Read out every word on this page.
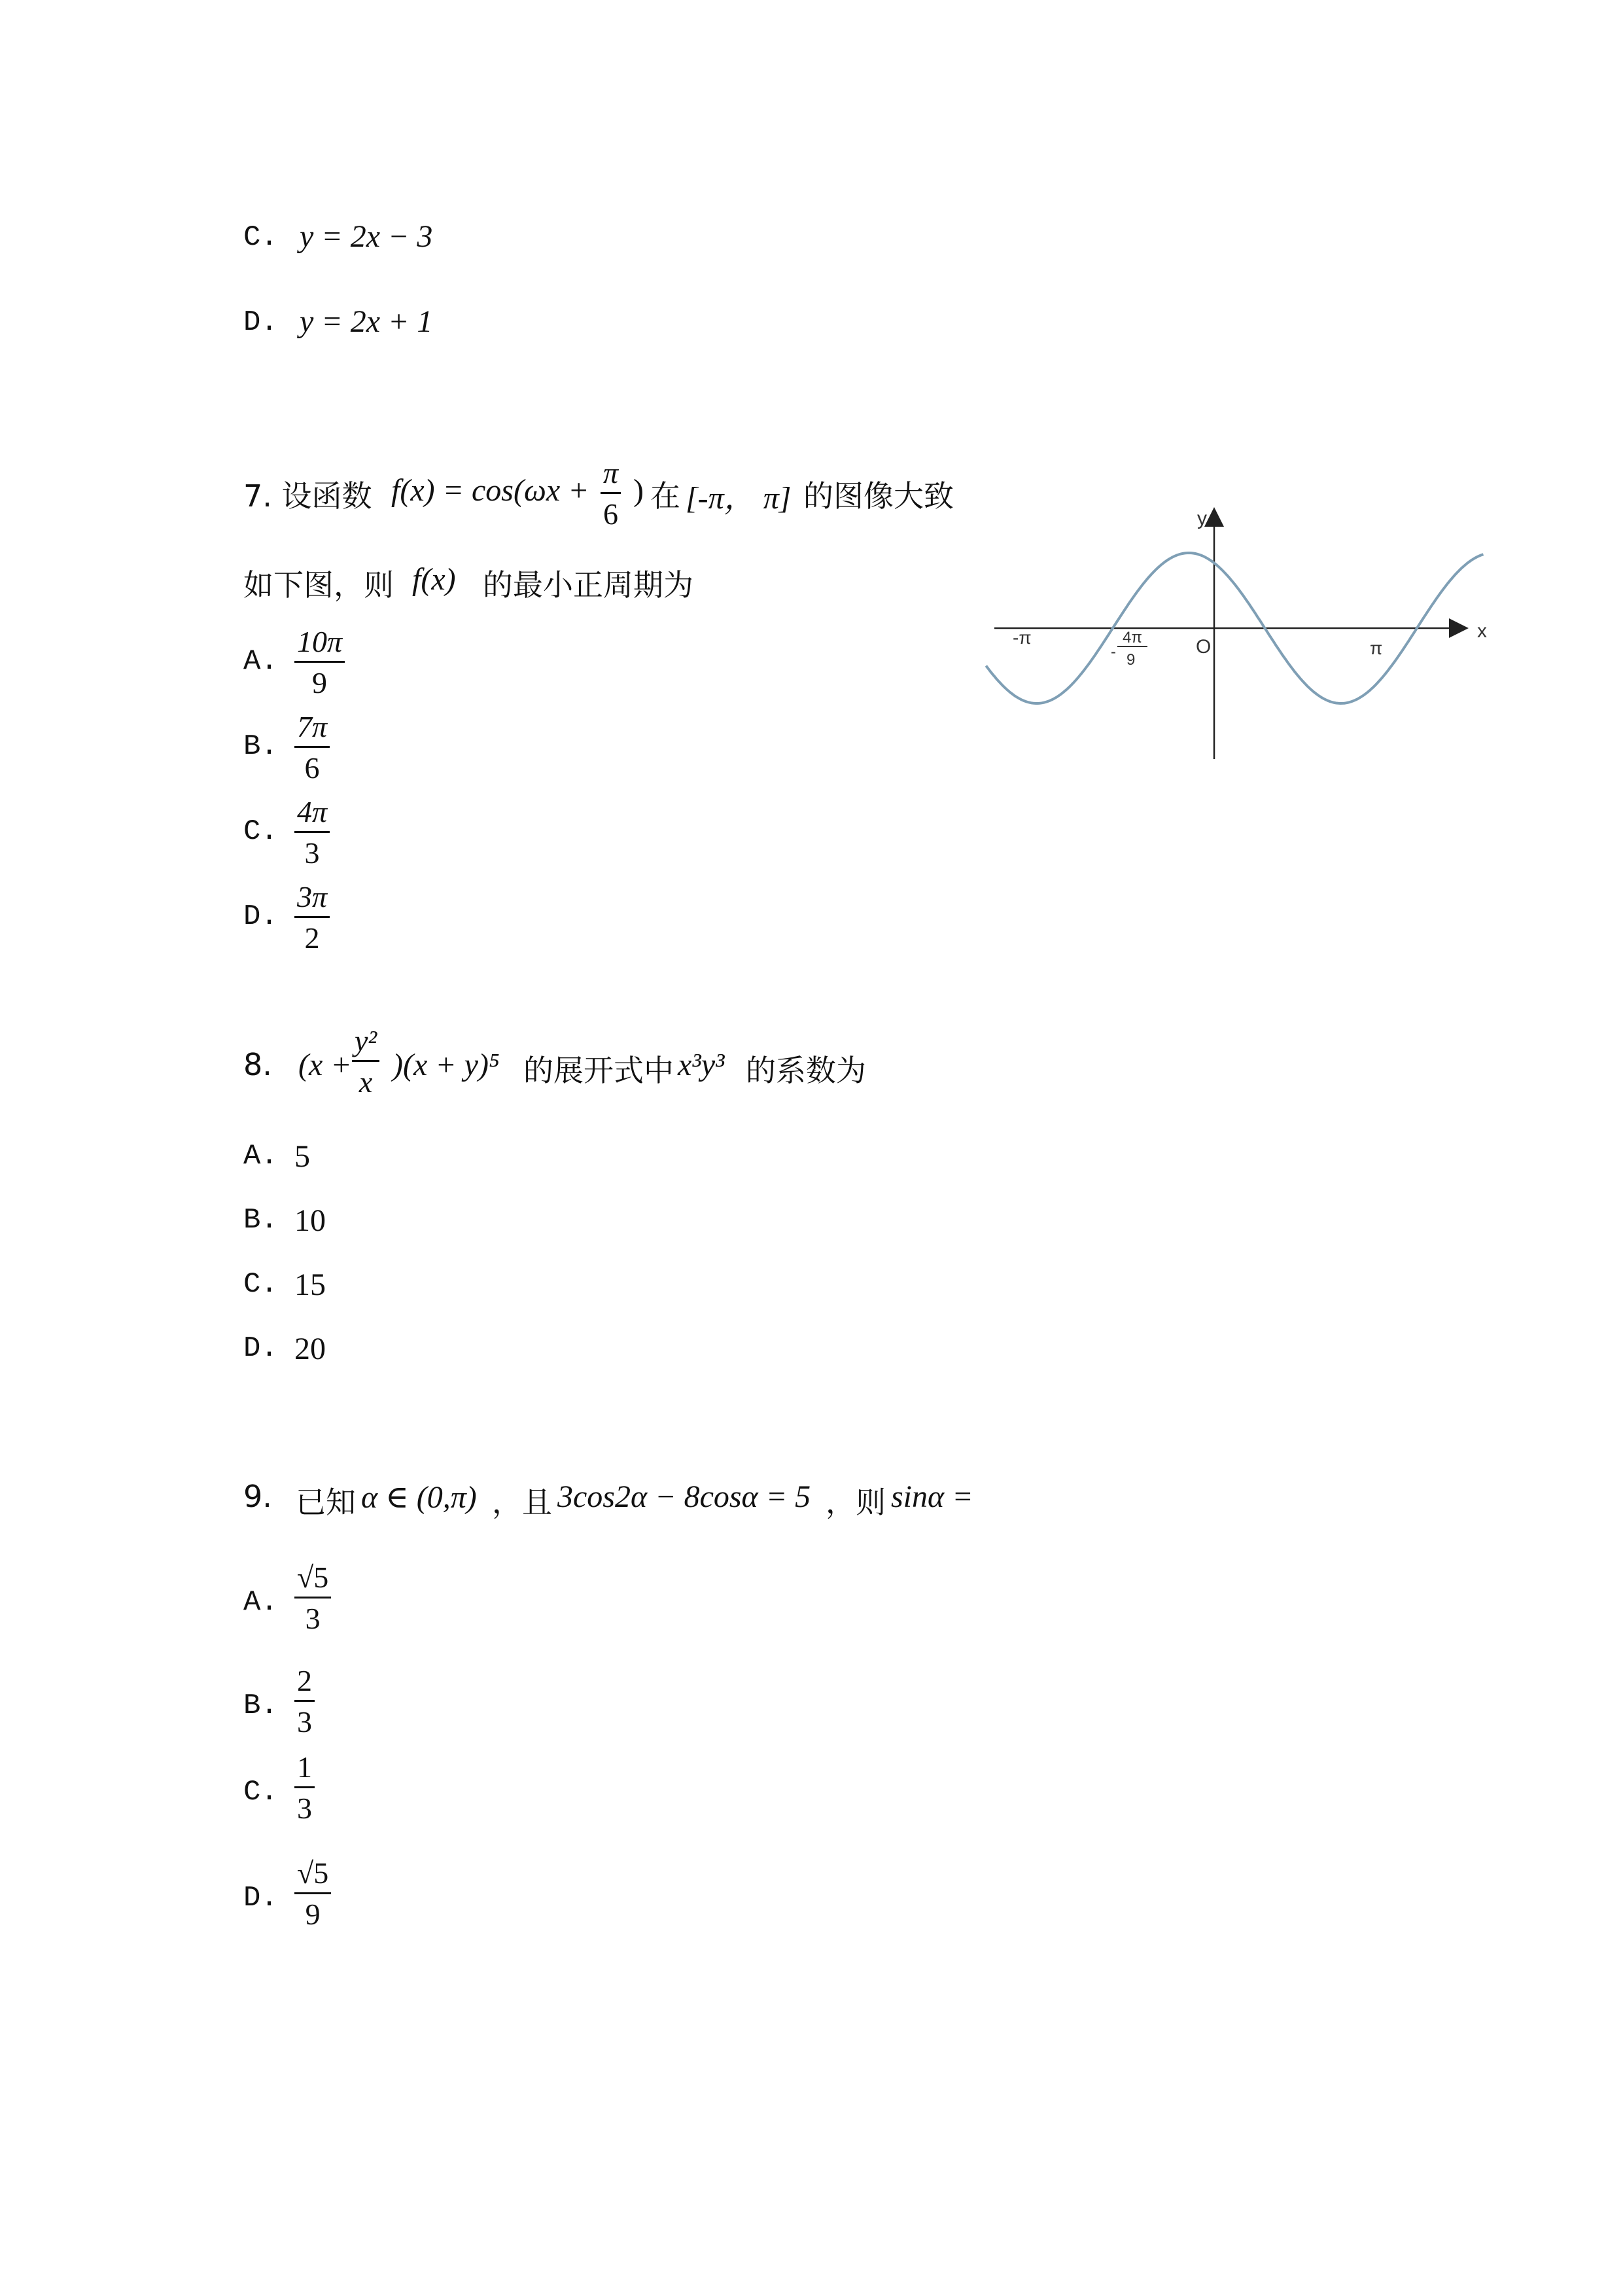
C. y = 2x − 3
D. y = 2x + 1
7. 设函数 f(x) = cos(ωx +
π
6
) 在 [-π， π] 的图像大致
如下图，则 f(x) 的最小正周期为
A.
10π
9
B.
7π
6
C.
4π
3
D.
3π
2
x
y
O
-π
π
4π
- 9
8. (x +
y²
x )(x + y)⁵ 的展开式中 x³y³ 的系数为
A. 5
B. 10
C. 15
D. 20
9. 已知 α ∈ (0,π) ，且 3cos2α − 8cosα = 5 ，则 sinα =
A.
√5
3
B.
2
3
C.
1
3
D.
√5
9
